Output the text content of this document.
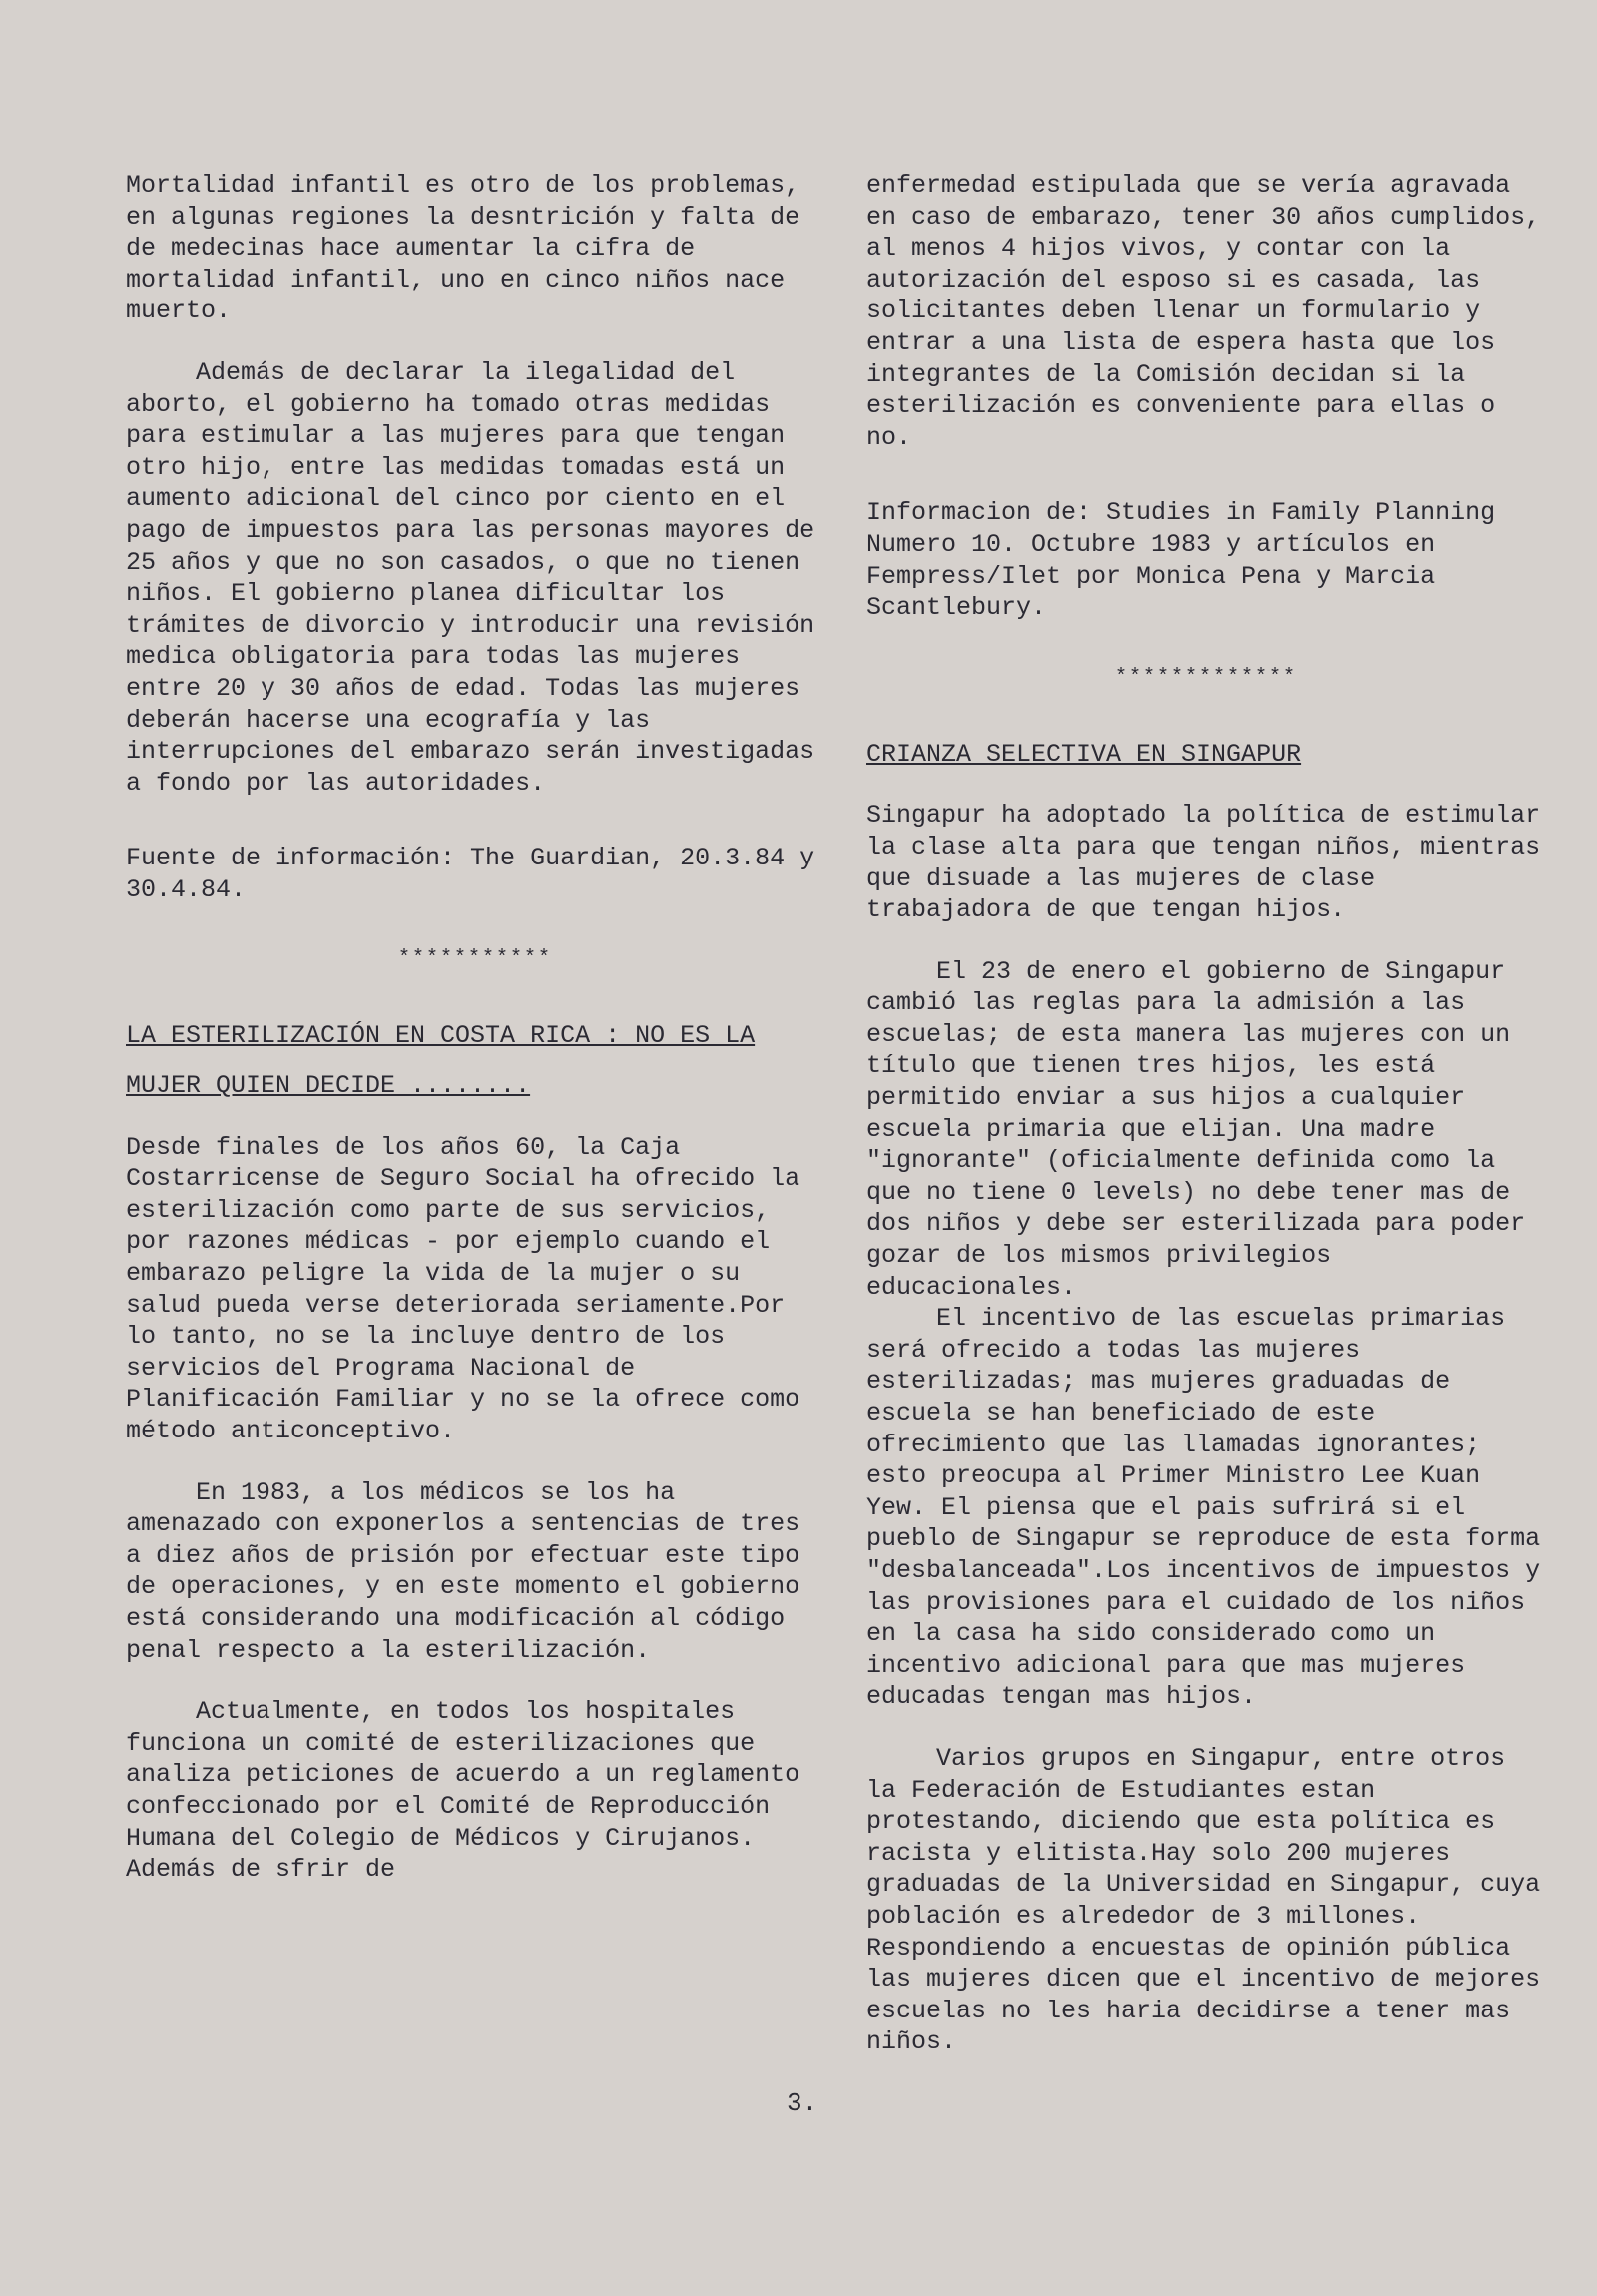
Mortalidad infantil es otro de los problemas, en algunas regiones la desntrición y falta de de medecinas hace aumentar la cifra de mortalidad infantil, uno en cinco niños nace muerto.

Además de declarar la ilegalidad del aborto, el gobierno ha tomado otras medidas para estimular a las mujeres para que tengan otro hijo, entre las medidas tomadas está un aumento adicional del cinco por ciento en el pago de impuestos para las personas mayores de 25 años y que no son casados, o que no tienen niños. El gobierno planea dificultar los trámites de divorcio y introducir una revisión medica obligatoria para todas las mujeres entre 20 y 30 años de edad. Todas las mujeres deberán hacerse una ecografía y las interrupciones del embarazo serán investigadas a fondo por las autoridades.

Fuente de información: The Guardian, 20.3.84 y 30.4.84.

***********
LA ESTERILIZACIÓN EN COSTA RICA : NO ES LA
MUJER QUIEN DECIDE ........

Desde finales de los años 60, la Caja Costarricense de Seguro Social ha ofrecido la esterilización como parte de sus servicios, por razones médicas - por ejemplo cuando el embarazo peligre la vida de la mujer o su salud pueda verse deteriorada seriamente.Por lo tanto, no se la incluye dentro de los servicios del Programa Nacional de Planificación Familiar y no se la ofrece como método anticonceptivo.

En 1983, a los médicos se los ha amenazado con exponerlos a sentencias de tres a diez años de prisión por efectuar este tipo de operaciones, y en este momento el gobierno está considerando una modificación al código penal respecto a la esterilización.

Actualmente, en todos los hospitales funciona un comité de esterilizaciones que analiza peticiones de acuerdo a un reglamento confeccionado por el Comité de Reproducción Humana del Colegio de Médicos y Cirujanos. Además de sfrir de

enfermedad estipulada que se vería agravada en caso de embarazo, tener 30 años cumplidos, al menos 4 hijos vivos, y contar con la autorización del esposo si es casada, las solicitantes deben llenar un formulario y entrar a una lista de espera hasta que los integrantes de la Comisión decidan si la esterilización es conveniente para ellas o no.

Informacion de: Studies in Family Planning Numero 10. Octubre 1983 y artículos en Fempress/Ilet por Monica Pena y Marcia Scantlebury.

*************
CRIANZA SELECTIVA EN SINGAPUR

Singapur ha adoptado la política de estimular la clase alta para que tengan niños, mientras que disuade a las mujeres de clase trabajadora de que tengan hijos.

El 23 de enero el gobierno de Singapur cambió las reglas para la admisión a las escuelas; de esta manera las mujeres con un título que tienen tres hijos, les está permitido enviar a sus hijos a cualquier escuela primaria que elijan. Una madre "ignorante" (oficialmente definida como la que no tiene 0 levels) no debe tener mas de dos niños y debe ser esterilizada para poder gozar de los mismos privilegios educacionales.

El incentivo de las escuelas primarias será ofrecido a todas las mujeres esterilizadas; mas mujeres graduadas de escuela se han beneficiado de este ofrecimiento que las llamadas ignorantes; esto preocupa al Primer Ministro Lee Kuan Yew. El piensa que el pais sufrirá si el pueblo de Singapur se reproduce de esta forma "desbalanceada".Los incentivos de impuestos y las provisiones para el cuidado de los niños en la casa ha sido considerado como un incentivo adicional para que mas mujeres educadas tengan mas hijos.

Varios grupos en Singapur, entre otros la Federación de Estudiantes estan protestando, diciendo que esta política es racista y elitista.Hay solo 200 mujeres graduadas de la Universidad en Singapur, cuya población es alrededor de 3 millones. Respondiendo a encuestas de opinión pública las mujeres dicen que el incentivo de mejores escuelas no les haria decidirse a tener mas niños.

3.
